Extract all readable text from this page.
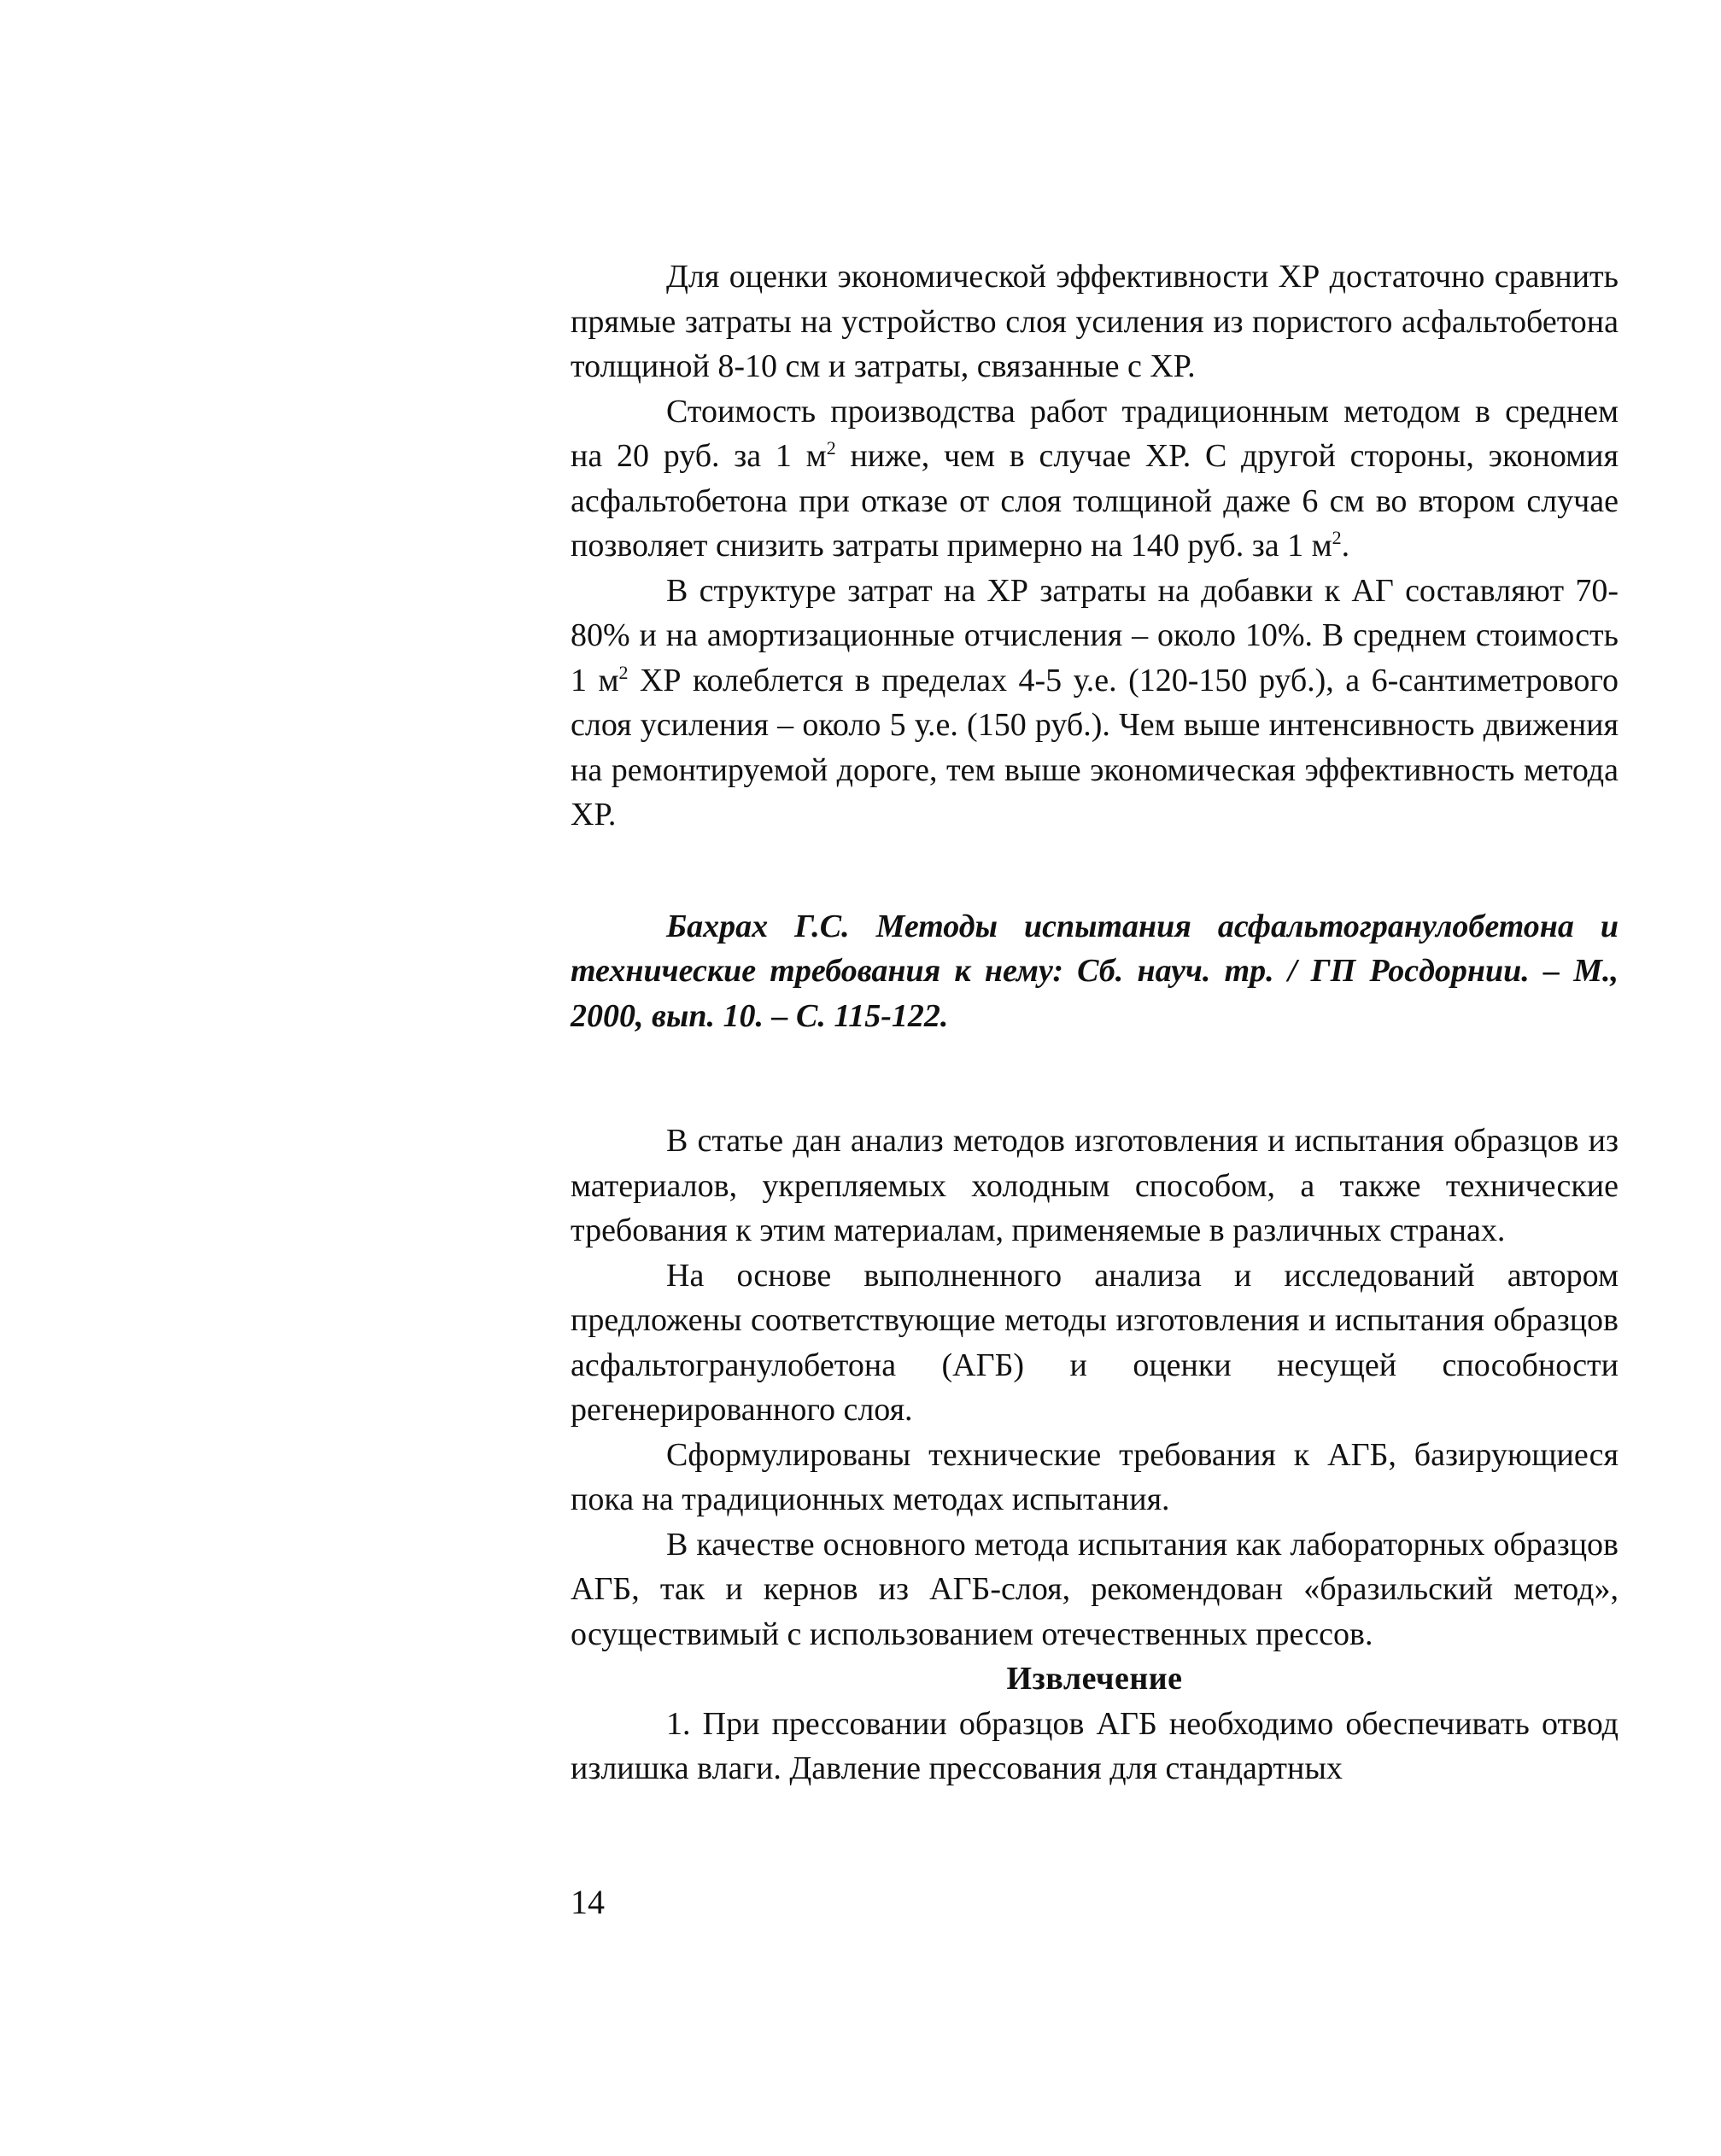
Для оценки экономической эффективности ХР достаточно сравнить прямые затраты на устройство слоя усиления из пористого асфальтобетона толщиной 8-10 см и затраты, связанные с ХР.

Стоимость производства работ традиционным методом в среднем на 20 руб. за 1 $м^2$ ниже, чем в случае ХР. С другой стороны, экономия асфальтобетона при отказе от слоя толщиной даже 6 см во втором случае позволяет снизить затраты примерно на 140 руб. за 1 $м^2$.

В структуре затрат на ХР затраты на добавки к АГ составляют 70-80% и на амортизационные отчисления – около 10%. В среднем стоимость 1 $м^2$ ХР колеблется в пределах 4-5 у.е. (120-150 руб.), а 6-сантиметрового слоя усиления – около 5 у.е. (150 руб.). Чем выше интенсивность движения на ремонтируемой дороге, тем выше экономическая эффективность метода ХР.

Бахрах Г.С. Методы испытания асфальтогранулобетона и технические требования к нему: Сб. науч. тр. / ГП Росдорнии. – М., 2000, вып. 10. – С. 115-122.

В статье дан анализ методов изготовления и испытания образцов из материалов, укрепляемых холодным способом, а также технические требования к этим материалам, применяемые в различных странах.

На основе выполненного анализа и исследований автором предложены соответствующие методы изготовления и испытания образцов асфальтогранулобетона (АГБ) и оценки несущей способности регенерированного слоя.

Сформулированы технические требования к АГБ, базирующиеся пока на традиционных методах испытания.

В качестве основного метода испытания как лабораторных образцов АГБ, так и кернов из АГБ-слоя, рекомендован «бразильский метод», осуществимый с использованием отечественных прессов.

Извлечение

1. При прессовании образцов АГБ необходимо обеспечивать отвод излишка влаги. Давление прессования для стандартных

14
